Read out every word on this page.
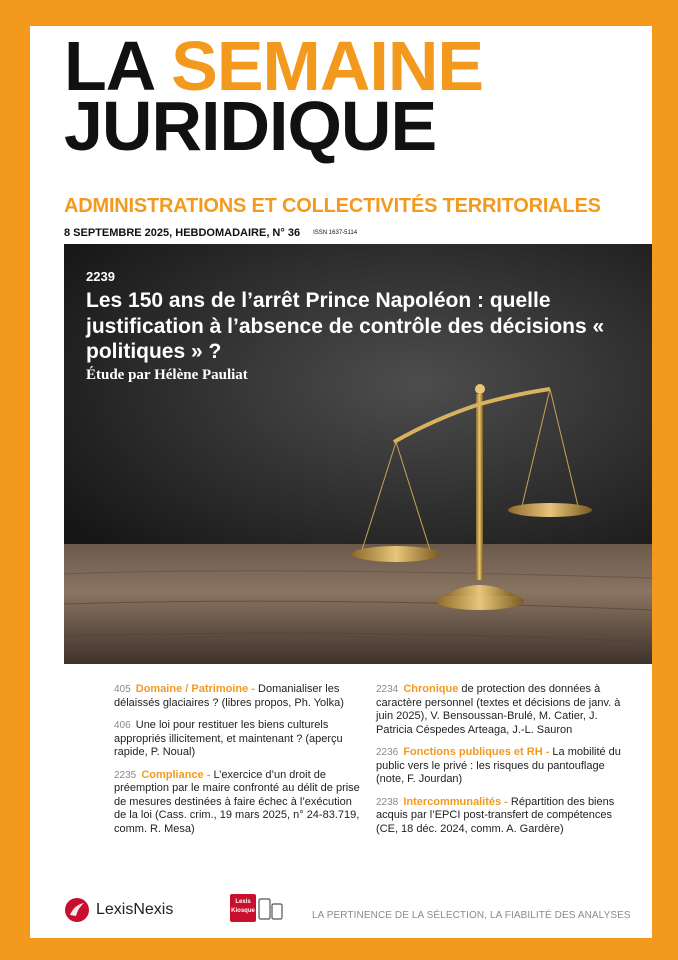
LA SEMAINE
JURIDIQUE
ADMINISTRATIONS ET COLLECTIVITÉS TERRITORIALES
8 SEPTEMBRE 2025, HEBDOMADAIRE, N° 36 ISSN 1637-5114
2239
Les 150 ans de l’arrêt Prince Napoléon : quelle justification à l’absence de contrôle des décisions « politiques » ?
Étude par Hélène Pauliat
405 Domaine / Patrimoine - Domanialiser les délaissés glaciaires ? (libres propos, Ph. Yolka)
406 Une loi pour restituer les biens culturels appropriés illicitement, et maintenant ? (aperçu rapide, P. Noual)
2235 Compliance - L’exercice d’un droit de préemption par le maire confronté au délit de prise de mesures destinées à faire échec à l’exécution de la loi (Cass. crim., 19 mars 2025, n° 24-83.719, comm. R. Mesa)
2234 Chronique de protection des données à caractère personnel (textes et décisions de janv. à juin 2025), V. Bensoussan-Brulé, M. Catier, J. Patricia Céspedes Arteaga, J.-L. Sauron
2236 Fonctions publiques et RH - La mobilité du public vers le privé : les risques du pantouflage (note, F. Jourdan)
2238 Intercommunalités - Répartition des biens acquis par l’EPCI post-transfert de compétences (CE, 18 déc. 2024, comm. A. Gardère)
LexisNexis	Lexis
Kiosque	LA PERTINENCE DE LA SÉLECTION, LA FIABILITÉ DES ANALYSES
